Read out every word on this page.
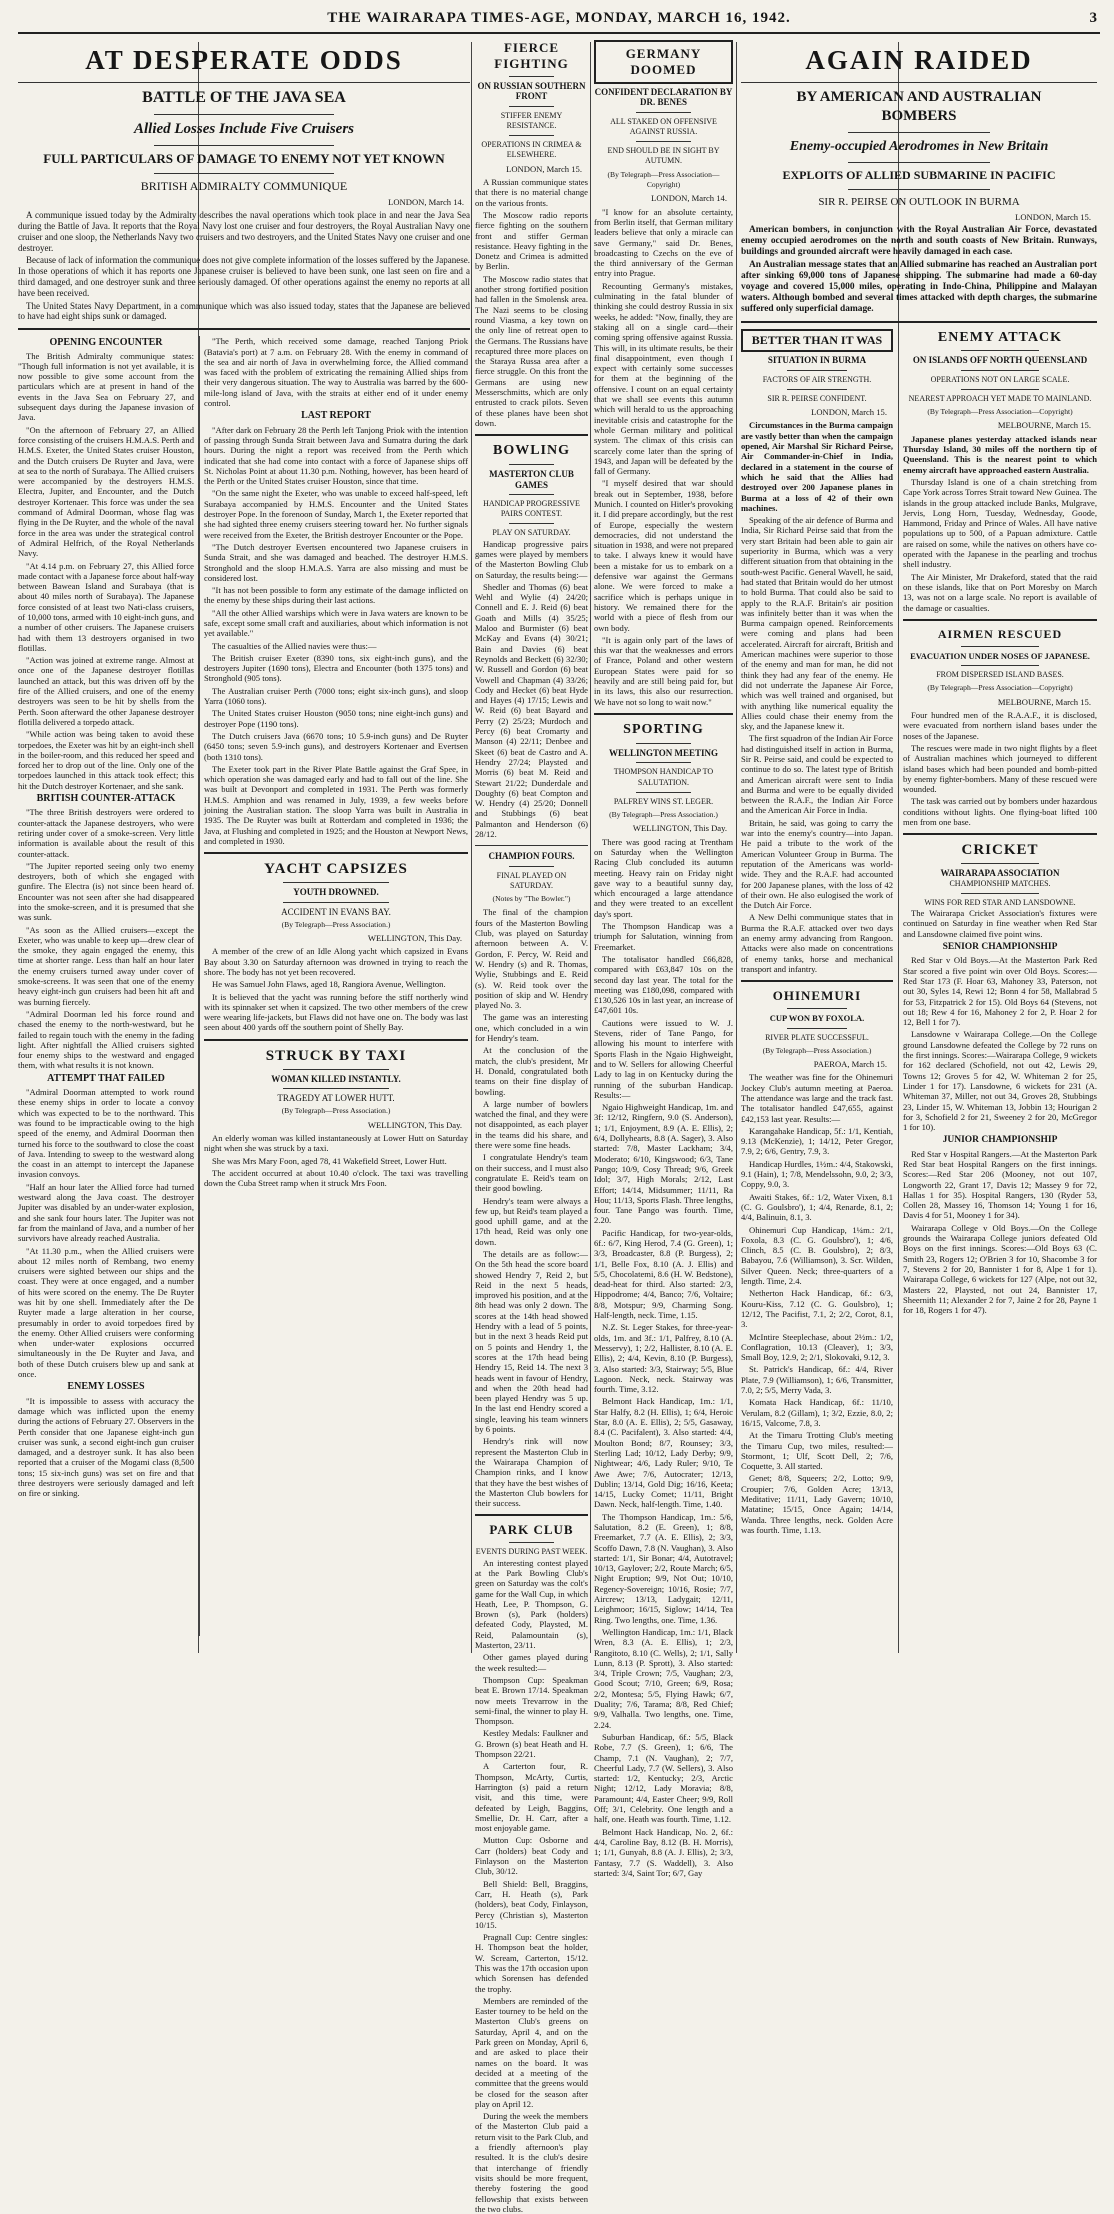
THE WAIRARAPA TIMES-AGE, MONDAY, MARCH 16, 1942.	3
AT DESPERATE ODDS
BATTLE OF THE JAVA SEA
Allied Losses Include Five Cruisers
FULL PARTICULARS OF DAMAGE TO ENEMY NOT YET KNOWN
BRITISH ADMIRALTY COMMUNIQUE
LONDON, March 14.

A communique issued today by the Admiralty describes the naval operations which took place in and near the Java Sea during the Battle of Java. It reports that the Royal Navy lost one cruiser and four destroyers, the Royal Australian Navy one cruiser and one sloop, the Netherlands Navy two cruisers and two destroyers, and the United States Navy one cruiser and one destroyer.

Because of lack of information the communique does not give complete information of the losses suffered by the Japanese. In those operations of which it has reports one Japanese cruiser is believed to have been sunk, one last seen on fire and a third damaged, and one destroyer sunk and three seriously damaged. Of other operations against the enemy no reports at all have been received.

The United States Navy Department, in a communique which was also issued today, states that the Japanese are believed to have had eight ships sunk or damaged.

OPENING ENCOUNTER

The British Admiralty communique states: "Though full information is not yet available, it is now possible to give some account from the particulars which are at present in hand of the events in the Java Sea on February 27, and subsequent days during the Japanese invasion of Java.

"On the afternoon of February 27, an Allied force consisting of the cruisers H.M.A.S. Perth and H.M.S. Exeter, the United States cruiser Houston, and the Dutch cruisers De Ruyter and Java, were at sea to the north of Surabaya. The Allied cruisers were accompanied by the destroyers H.M.S. Electra, Jupiter, and Encounter, and the Dutch destroyer Kortenaer. This force was under the sea command of Admiral Doorman, whose flag was flying in the De Ruyter, and the whole of the naval force in the area was under the strategical control of Admiral Helfrich, of the Royal Netherlands Navy.

"At 4.14 p.m. on February 27, this Allied force made contact with a Japanese force about half-way between Bawean Island and Surabaya (that is about 40 miles north of Surabaya). The Japanese force consisted of at least two Nati-class cruisers, of 10,000 tons, armed with 10 eight-inch guns, and a number of other cruisers. The Japanese cruisers had with them 13 destroyers organised in two flotillas.

"Action was joined at extreme range. Almost at once one of the Japanese destroyer flotillas launched an attack, but this was driven off by the fire of the Allied cruisers, and one of the enemy destroyers was seen to be hit by shells from the Perth. Soon afterward the other Japanese destroyer flotilla delivered a torpedo attack.

"While action was being taken to avoid these torpedoes, the Exeter was hit by an eight-inch shell in the boiler-room, and this reduced her speed and forced her to drop out of the line. Only one of the torpedoes launched in this attack took effect; this hit the Dutch destroyer Kortenaer, and she sank.

BRITISH COUNTER-ATTACK

"The three British destroyers were ordered to counter-attack the Japanese destroyers, who were retiring under cover of a smoke-screen. Very little information is available about the result of this counter-attack.

"The Jupiter reported seeing only two enemy destroyers, both of which she engaged with gunfire. The Electra (is) not since been heard of. Encounter was not seen after she had disappeared into the smoke-screen, and it is presumed that she was sunk.

"As soon as the Allied cruisers—except the Exeter, who was unable to keep up—drew clear of the smoke, they again engaged the enemy, this time at shorter range. Less than half an hour later the enemy cruisers turned away under cover of smoke-screens. It was seen that one of the enemy heavy eight-inch gun cruisers had been hit aft and was burning fiercely.

"Admiral Doorman led his force round and chased the enemy to the north-westward, but he failed to regain touch with the enemy in the fading light. After nightfall the Allied cruisers sighted four enemy ships to the westward and engaged them, with what results it is not known.

ATTEMPT THAT FAILED

"Admiral Doorman attempted to work round these enemy ships in order to locate a convoy which was expected to be to the northward. This was found to be impracticable owing to the high speed of the enemy, and Admiral Doorman then turned his force to the southward to close the coast of Java. Intending to sweep to the westward along the coast in an attempt to intercept the Japanese invasion convoys.

"Half an hour later the Allied force had turned westward along the Java coast. The destroyer Jupiter was disabled by an under-water explosion, and she sank four hours later. The Jupiter was not far from the mainland of Java, and a number of her survivors have already reached Australia.

"At 11.30 p.m., when the Allied cruisers were about 12 miles north of Rembang, two enemy cruisers were sighted between our ships and the coast. They were at once engaged, and a number of hits were scored on the enemy. The De Ruyter was hit by one shell. Immediately after the De Ruyter made a large alteration in her course, presumably in order to avoid torpedoes fired by the enemy. Other Allied cruisers were conforming when under-water explosions occurred simultaneously in the De Ruyter and Java, and both of these Dutch cruisers blew up and sank at once.

ENEMY LOSSES

"It is impossible to assess with accuracy the damage which was inflicted upon the enemy during the actions of February 27. Observers in the Perth consider that one Japanese eight-inch gun cruiser was sunk, a second eight-inch gun cruiser damaged, and a destroyer sunk. It has also been reported that a cruiser of the Mogami class (8,500 tons; 15 six-inch guns) was set on fire and that three destroyers were seriously damaged and left on fire or sinking.

"The Perth, which received some damage, reached Tanjong Priok (Batavia's port) at 7 a.m. on February 28. With the enemy in command of the sea and air north of Java in overwhelming force, the Allied command was faced with the problem of extricating the remaining Allied ships from their very dangerous situation. The way to Australia was barred by the 600-mile-long island of Java, with the straits at either end of it under enemy control.

LAST REPORT

"After dark on February 28 the Perth left Tanjong Priok with the intention of passing through Sunda Strait between Java and Sumatra during the dark hours. During the night a report was received from the Perth which indicated that she had come into contact with a force of Japanese ships off St. Nicholas Point at about 11.30 p.m. Nothing, however, has been heard of the Perth or the United States cruiser Houston, since that time.

"On the same night the Exeter, who was unable to exceed half-speed, left Surabaya accompanied by H.M.S. Encounter and the United States destroyer Pope. In the forenoon of Sunday, March 1, the Exeter reported that she had sighted three enemy cruisers steering toward her. No further signals were received from the Exeter, the British destroyer Encounter or the Pope.

"The Dutch destroyer Evertsen encountered two Japanese cruisers in Sunda Strait, and she was damaged and beached. The destroyer H.M.S. Stronghold and the sloop H.M.A.S. Yarra are also missing and must be considered lost.

"It has not been possible to form any estimate of the damage inflicted on the enemy by these ships during their last actions.

"All the other Allied warships which were in Java waters are known to be safe, except some small craft and auxiliaries, about which information is not yet available."

The casualties of the Allied navies were thus:—

The British cruiser Exeter (8390 tons, six eight-inch guns), and the destroyers Jupiter (1690 tons), Electra and Encounter (both 1375 tons) and Stronghold (905 tons).

The Australian cruiser Perth (7000 tons; eight six-inch guns), and sloop Yarra (1060 tons).

The United States cruiser Houston (9050 tons; nine eight-inch guns) and destroyer Pope (1190 tons).

The Dutch cruisers Java (6670 tons; 10 5.9-inch guns) and De Ruyter (6450 tons; seven 5.9-inch guns), and destroyers Kortenaer and Evertsen (both 1310 tons).

The Exeter took part in the River Plate Battle against the Graf Spee, in which operation she was damaged early and had to fall out of the line. She was built at Devonport and completed in 1931. The Perth was formerly H.M.S. Amphion and was renamed in July, 1939, a few weeks before joining the Australian station. The sloop Yarra was built in Australia in 1935. The De Ruyter was built at Rotterdam and completed in 1936; the Java, at Flushing and completed in 1925; and the Houston at Newport News, and completed in 1930.

YACHT CAPSIZES
YOUTH DROWNED.
ACCIDENT IN EVANS BAY.
(By Telegraph—Press Association.)
WELLINGTON, This Day.

A member of the crew of an Idle Along yacht which capsized in Evans Bay about 3.30 on Saturday afternoon was drowned in trying to reach the shore. The body has not yet been recovered.

He was Samuel John Flaws, aged 18, Rangiora Avenue, Wellington.

It is believed that the yacht was running before the stiff northerly wind with its spinnaker set when it capsized. The two other members of the crew were wearing life-jackets, but Flaws did not have one on. The body was last seen about 400 yards off the southern point of Shelly Bay.

STRUCK BY TAXI
WOMAN KILLED INSTANTLY.
TRAGEDY AT LOWER HUTT.
(By Telegraph—Press Association.)
WELLINGTON, This Day.

An elderly woman was killed instantaneously at Lower Hutt on Saturday night when she was struck by a taxi.

She was Mrs Mary Foon, aged 78, 41 Wakefield Street, Lower Hutt.

The accident occurred at about 10.40 o'clock. The taxi was travelling down the Cuba Street ramp when it struck Mrs Foon.

FIERCE FIGHTING
ON RUSSIAN SOUTHERN FRONT
STIFFER ENEMY RESISTANCE.
OPERATIONS IN CRIMEA & ELSEWHERE.
LONDON, March 15.

A Russian communique states that there is no material change on the various fronts.

The Moscow radio reports fierce fighting on the southern front and stiffer German resistance. Heavy fighting in the Donetz and Crimea is admitted by Berlin.

The Moscow radio states that another strong fortified position had fallen in the Smolensk area. The Nazi seems to be closing round Viasma, a key town on the only line of retreat open to the Germans. The Russians have recaptured three more places on the Staraya Russa area after a fierce struggle. On this front the Germans are using new Messerschmitts, which are only entrusted to crack pilots. Seven of these planes have been shot down.

BOWLING
MASTERTON CLUB GAMES
HANDICAP PROGRESSIVE PAIRS CONTEST.
PLAY ON SATURDAY.

Handicap progressive pairs games were played by members of the Masterton Bowling Club on Saturday, the results being:—

Shedler and Thomas (6) beat Wehl and Wylie (4) 24/20; Connell and E. J. Reid (6) beat Goath and Mills (4) 35/25; Maloo and Burmister (6) beat McKay and Evans (4) 30/21; Bain and Davies (6) beat Reynolds and Beckett (6) 32/30; W. Russell and Gordon (6) beat Vowell and Chapman (4) 33/26; Cody and Hecket (6) beat Hyde and Hayes (4) 17/15; Lewis and W. Reid (6) beat Bayard and Perry (2) 25/23; Murdoch and Percy (6) beat Cromarty and Manson (4) 22/11; Denbee and Skeet (6) beat de Castro and A. Hendry 27/24; Playsted and Morris (6) beat M. Reid and Stewart 21/22; Dunderdale and Doughty (6) beat Compton and W. Hendry (4) 25/20; Donnell and Stubbings (6) beat Palmanton and Henderson (6) 28/12.

CHAMPION FOURS.
FINAL PLAYED ON SATURDAY.
(Notes by "The Bowler.")

The final of the champion fours of the Masterton Bowling Club, was played on Saturday afternoon between A. V. Gordon, F. Percy, W. Reid and W. Hendry (s) and R. Thomas, Wylie, Stubbings and E. Reid (s). W. Reid took over the position of skip and W. Hendry played No. 3.

The game was an interesting one, which concluded in a win for Hendry's team.

At the conclusion of the match, the club's president, Mr H. Donald, congratulated both teams on their fine display of bowling.

A large number of bowlers watched the final, and they were not disappointed, as each player in the teams did his share, and there were some fine heads.

I congratulate Hendry's team on their success, and I must also congratulate E. Reid's team on their good bowling.

Hendry's team were always a few up, but Reid's team played a good uphill game, and at the 17th head, Reid was only one down.

The details are as follow:—On the 5th head the score board showed Hendry 7, Reid 2, but Reid in the next 5 heads, improved his position, and at the 8th head was only 2 down. The scores at the 14th head showed Hendry with a lead of 5 points, but in the next 3 heads Reid put on 5 points and Hendry 1, the scores at the 17th head being Hendry 15, Reid 14. The next 3 heads went in favour of Hendry, and when the 20th head had been played Hendry was 5 up. In the last end Hendry scored a single, leaving his team winners by 6 points.

Hendry's rink will now represent the Masterton Club in the Wairarapa Champion of Champion rinks, and I know that they have the best wishes of the Masterton Club bowlers for their success.

PARK CLUB
EVENTS DURING PAST WEEK.

An interesting contest played at the Park Bowling Club's green on Saturday was the colt's game for the Wall Cup, in which Heath, Lee, P. Thompson, G. Brown (s), Park (holders) defeated Cody, Playsted, M. Reid, Palamountain (s), Masterton, 23/11.

Other games played during the week resulted:—

Thompson Cup: Speakman beat E. Brown 17/14. Speakman now meets Trevarrow in the semi-final, the winner to play H. Thompson.

Kestley Medals: Faulkner and G. Brown (s) beat Heath and H. Thompson 22/21.

A Carterton four, R. Thompson, McArty, Curtis, Harrington (s) paid a return visit, and this time, were defeated by Leigh, Baggins, Smellie, Dr. H. Carr, after a most enjoyable game.

Mutton Cup: Osborne and Carr (holders) beat Cody and Finlayson on the Masterton Club, 30/12.

Bell Shield: Bell, Braggins, Carr, H. Heath (s), Park (holders), beat Cody, Finlayson, Percy (Christian s), Masterton 10/15.

Pragnall Cup: Centre singles: H. Thompson beat the holder, W. Scream, Carterton, 15/12. This was the 17th occasion upon which Sorensen has defended the trophy.

Members are reminded of the Easter tourney to be held on the Masterton Club's greens on Saturday, April 4, and on the Park green on Monday, April 6, and are asked to place their names on the board. It was decided at a meeting of the committee that the greens would be closed for the season after play on April 12.

During the week the members of the Masterton Club paid a return visit to the Park Club, and a friendly afternoon's play resulted. It is the club's desire that interchange of friendly visits should be more frequent, thereby fostering the good fellowship that exists between the two clubs.

GERMANY DOOMED
CONFIDENT DECLARATION BY DR. BENES
ALL STAKED ON OFFENSIVE AGAINST RUSSIA.
END SHOULD BE IN SIGHT BY AUTUMN.
(By Telegraph—Press Association—Copyright)
LONDON, March 14.

"I know for an absolute certainty, from Berlin itself, that German military leaders believe that only a miracle can save Germany," said Dr. Benes, broadcasting to Czechs on the eve of the third anniversary of the German entry into Prague.

Recounting Germany's mistakes, culminating in the fatal blunder of thinking she could destroy Russia in six weeks, he added: "Now, finally, they are staking all on a single card—their coming spring offensive against Russia. This will, in its ultimate results, be their final disappointment, even though I expect with certainly some successes for them at the beginning of the offensive. I count on an equal certainty that we shall see events this autumn which will herald to us the approaching inevitable crisis and catastrophe for the whole German military and political system. The climax of this crisis can scarcely come later than the spring of 1943, and Japan will be defeated by the fall of Germany.

"I myself desired that war should break out in September, 1938, before Munich. I counted on Hitler's provoking it. I did prepare accordingly, but the rest of Europe, especially the western democracies, did not understand the situation in 1938, and were not prepared to take. I always knew it would have been a mistake for us to embark on a defensive war against the Germans alone. We were forced to make a sacrifice which is perhaps unique in history. We remained there for the world with a piece of flesh from our own body.

"It is again only part of the laws of this war that the weaknesses and errors of France, Poland and other western European States were paid for so heavily and are still being paid for, but in its laws, this also our resurrection. We have not so long to wait now."

SPORTING
WELLINGTON MEETING
THOMPSON HANDICAP TO SALUTATION.
PALFREY WINS ST. LEGER.
(By Telegraph—Press Association.)
WELLINGTON, This Day.

There was good racing at Trentham on Saturday when the Wellington Racing Club concluded its autumn meeting. Heavy rain on Friday night gave way to a beautiful sunny day, which encouraged a large attendance and they were treated to an excellent day's sport.

The Thompson Handicap was a triumph for Salutation, winning from Freemarket.

The totalisator handled £66,828, compared with £63,847 10s on the second day last year. The total for the meeting was £180,098, compared with £130,526 10s in last year, an increase of £47,601 10s.

Cautions were issued to W. J. Stevens, rider of Tane Pango, for allowing his mount to interfere with Sports Flash in the Ngaio Highweight, and to W. Sellers for allowing Cheerful Lady to lag in on Kentucky during the running of the suburban Handicap. Results:—

Ngaio Highweight Handicap, 1m. and 3f: 12/12, Ringfern, 9.0 (S. Anderson), 1; 1/1, Enjoyment, 8.9 (A. E. Ellis), 2; 6/4, Dollyhearts, 8.8 (A. Sager), 3. Also started: 7/8, Master Lackham; 3/4, Moderato; 6/10, Kingswood; 6/3, Tane Pango; 10/9, Cosy Thread; 9/6, Greek Idol; 3/7, High Morals; 2/12, Last Effort; 14/14, Midsummer; 11/11, Ra Hou; 11/13, Sports Flash. Three lengths, four. Tane Pango was fourth. Time, 2.20.

Pacific Handicap, for two-year-olds, 6f.: 6/7, King Herod, 7.4 (G. Green), 1; 3/3, Broadcaster, 8.8 (P. Burgess), 2; 1/1, Belle Fox, 8.10 (A. J. Ellis) and 5/5, Chocolatemi, 8.6 (H. W. Bedstone), dead-heat for third. Also started: 2/3, Hippodrome; 4/4, Banco; 7/6, Voltaire; 8/8, Motspur; 9/9, Charming Song. Half-length, neck. Time, 1.15.

N.Z. St. Leger Stakes, for three-year-olds, 1m. and 3f.: 1/1, Palfrey, 8.10 (A. Messervy), 1; 2/2, Hallister, 8.10 (A. E. Ellis), 2; 4/4, Kevin, 8.10 (P. Burgess), 3. Also started: 3/3, Stairway; 5/5, Blue Lagoon. Neck, neck. Stairway was fourth. Time, 3.12.

Belmont Hack Handicap, 1m.: 1/1, Star Halfy, 8.2 (H. Ellis), 1; 6/4, Heroic Star, 8.0 (A. E. Ellis), 2; 5/5, Gasaway, 8.4 (C. Pacifalent), 3. Also started: 4/4, Moulton Bond; 8/7, Rounsey; 3/3, Sterling Lad; 10/12, Lady Derby; 9/9, Nightwear; 4/6, Lady Ruler; 9/10, Te Awe Awe; 7/6, Autocrater; 12/13, Dublin; 13/14, Gold Dig; 16/16, Keeta; 14/15, Lucky Comet; 11/11, Bright Dawn. Neck, half-length. Time, 1.40.

The Thompson Handicap, 1m.: 5/6, Salutation, 8.2 (E. Green), 1; 8/8, Freemarket, 7.7 (A. E. Ellis), 2; 3/3, Scoffo Dawn, 7.8 (N. Vaughan), 3. Also started: 1/1, Sir Bonar; 4/4, Autotravel; 10/13, Gaylover; 2/2, Route March; 6/5, Night Eruption; 9/9, Not Out; 10/10, Regency-Sovereign; 10/16, Rosie; 7/7, Aircrew; 13/13, Ladygait; 12/11, Leighmoor; 16/15, Siglow; 14/14, Tea Ring. Two lengths, one. Time, 1.36.

Wellington Handicap, 1m.: 1/1, Black Wren, 8.3 (A. E. Ellis), 1; 2/3, Rangitoto, 8.10 (C. Wells), 2; 1/1, Sally Lunn, 8.13 (P. Sprott), 3. Also started: 3/4, Triple Crown; 7/5, Vaughan; 2/3, Good Scout; 7/10, Green; 6/9, Rosa; 2/2, Montesa; 5/5, Flying Hawk; 6/7, Duality; 7/6, Tarama; 8/8, Red Chief; 9/9, Valhalla. Two lengths, one. Time, 2.24.

Suburban Handicap, 6f.: 5/5, Black Robe, 7.7 (S. Green), 1; 6/6, The Champ, 7.1 (N. Vaughan), 2; 7/7, Cheerful Lady, 7.7 (W. Sellers), 3. Also started: 1/2, Kentucky; 2/3, Arctic Night; 12/12, Lady Moravia; 8/8, Paramount; 4/4, Easter Cheer; 9/9, Roll Off; 3/1, Celebrity. One length and a half, one. Heath was fourth. Time, 1.12.

Belmont Hack Handicap, No. 2, 6f.: 4/4, Caroline Bay, 8.12 (B. H. Morris), 1; 1/1, Gunyah, 8.8 (A. J. Ellis), 2; 3/3, Fantasy, 7.7 (S. Waddell), 3. Also started: 3/4, Saint Tor; 6/7, Gay

AGAIN RAIDED
BY AMERICAN AND AUSTRALIAN BOMBERS
Enemy-occupied Aerodromes in New Britain
EXPLOITS OF ALLIED SUBMARINE IN PACIFIC
SIR R. PEIRSE ON OUTLOOK IN BURMA
LONDON, March 15.

American bombers, in conjunction with the Royal Australian Air Force, devastated enemy occupied aerodromes on the north and south coasts of New Britain. Runways, buildings and grounded aircraft were heavily damaged in each case.

An Australian message states that an Allied submarine has reached an Australian port after sinking 69,000 tons of Japanese shipping. The submarine had made a 60-day voyage and covered 15,000 miles, operating in Indo-China, Philippine and Malayan waters. Although bombed and several times attacked with depth charges, the submarine suffered only superficial damage.

BETTER THAN IT WAS
SITUATION IN BURMA
FACTORS OF AIR STRENGTH.
SIR R. PEIRSE CONFIDENT.
LONDON, March 15.

Circumstances in the Burma campaign are vastly better than when the campaign opened, Air Marshal Sir Richard Peirse, Air Commander-in-Chief in India, declared in a statement in the course of which he said that the Allies had destroyed over 200 Japanese planes in Burma at a loss of 42 of their own machines.

Speaking of the air defence of Burma and India, Sir Richard Peirse said that from the very start Britain had been able to gain air superiority in Burma, which was a very different situation from that obtaining in the south-west Pacific. General Wavell, he said, had stated that Britain would do her utmost to hold Burma. That could also be said to apply to the R.A.F. Britain's air position was infinitely better than it was when the Burma campaign opened. Reinforcements were coming and plans had been accelerated. Aircraft for aircraft, British and American machines were superior to those of the enemy and man for man, he did not think they had any fear of the enemy. He did not underrate the Japanese Air Force, which was well trained and organised, but with anything like numerical equality the Allies could chase their enemy from the sky, and the Japanese knew it.

The first squadron of the Indian Air Force had distinguished itself in action in Burma, Sir R. Peirse said, and could be expected to continue to do so. The latest type of British and American aircraft were sent to India and Burma and were to be equally divided between the R.A.F., the Indian Air Force and the American Air Force in India.

Britain, he said, was going to carry the war into the enemy's country—into Japan. He paid a tribute to the work of the American Volunteer Group in Burma. The reputation of the Americans was world-wide. They and the R.A.F. had accounted for 200 Japanese planes, with the loss of 42 of their own. He also eulogised the work of the Dutch Air Force.

A New Delhi communique states that in Burma the R.A.F. attacked over two days an enemy army advancing from Rangoon. Attacks were also made on concentrations of enemy tanks, horse and mechanical transport and infantry.

OHINEMURI
CUP WON BY FOXOLA.
RIVER PLATE SUCCESSFUL.
(By Telegraph—Press Association.)
PAEROA, March 15.

The weather was fine for the Ohinemuri Jockey Club's autumn meeting at Paeroa. The attendance was large and the track fast. The totalisator handled £47,655, against £42,153 last year. Results:—

Karangahake Handicap, 5f.: 1/1, Kentiah, 9.13 (McKenzie), 1; 14/12, Peter Gregor, 7.9, 2; 6/6, Gentry, 7.9, 3.

Handicap Hurdles, 1½m.: 4/4, Stakowski, 9.1 (Hain), 1; 7/8, Mendelssohn, 9.0, 2; 3/3, Coppy, 9.0, 3.

Awaiti Stakes, 6f.: 1/2, Water Vixen, 8.1 (C. G. Goulsbro'), 1; 4/4, Renarde, 8.1, 2; 4/4, Balinuin, 8.1, 3.

Ohinemuri Cup Handicap, 1¼m.: 2/1, Foxola, 8.3 (C. G. Goulsbro'), 1; 4/6, Clinch, 8.5 (C. B. Goulsbro), 2; 8/3, Babayou, 7.6 (Williamson), 3. Scr. Wilden, Silver Queen. Neck; three-quarters of a length. Time, 2.4.

Netherton Hack Handicap, 6f.: 6/3, Kouru-Kiss, 7.12 (C. G. Goulsbro), 1; 12/12, The Pacifist, 7.1, 2; 2/2, Corot, 8.1, 3.

McIntire Steeplechase, about 2½m.: 1/2, Conflagration, 10.13 (Cleaver), 1; 3/3, Small Boy, 12.9, 2; 2/1, Slokovaki, 9.12, 3.

St. Patrick's Handicap, 6f.: 4/4, River Plate, 7.9 (Williamson), 1; 6/6, Transmitter, 7.0, 2; 5/5, Merry Vada, 3.

Komata Hack Handicap, 6f.: 11/10, Verulam, 8.2 (Gillam), 1; 3/2, Ezzie, 8.0, 2; 16/15, Valcome, 7.8, 3.

At the Timaru Trotting Club's meeting the Timaru Cup, two miles, resulted:—Stormont, 1; Ulf, Scott Dell, 2; 7/6, Coquette, 3. All started.

Genet; 8/8, Squeers; 2/2, Lotto; 9/9, Croupier; 7/6, Golden Acre; 13/13, Meditative; 11/11, Lady Gavern; 10/10, Matatine; 15/15, Once Again; 14/14, Wanda. Three lengths, neck. Golden Acre was fourth. Time, 1.13.

ENEMY ATTACK
ON ISLANDS OFF NORTH QUEENSLAND
OPERATIONS NOT ON LARGE SCALE.
NEAREST APPROACH YET MADE TO MAINLAND.
(By Telegraph—Press Association—Copyright)
MELBOURNE, March 15.

Japanese planes yesterday attacked islands near Thursday Island, 30 miles off the northern tip of Queensland. This is the nearest point to which enemy aircraft have approached eastern Australia.

Thursday Island is one of a chain stretching from Cape York across Torres Strait toward New Guinea. The islands in the group attacked include Banks, Mulgrave, Jervis, Long Horn, Tuesday, Wednesday, Goode, Hammond, Friday and Prince of Wales. All have native populations up to 500, of a Papuan admixture. Cattle are raised on some, while the natives on others have co-operated with the Japanese in the pearling and trochus shell industry.

The Air Minister, Mr Drakeford, stated that the raid on these islands, like that on Port Moresby on March 13, was not on a large scale. No report is available of the damage or casualties.

AIRMEN RESCUED
EVACUATION UNDER NOSES OF JAPANESE.
FROM DISPERSED ISLAND BASES.
(By Telegraph—Press Association—Copyright)
MELBOURNE, March 15.

Four hundred men of the R.A.A.F., it is disclosed, were evacuated from northern island bases under the noses of the Japanese.

The rescues were made in two night flights by a fleet of Australian machines which journeyed to different island bases which had been pounded and bomb-pitted by enemy fighter-bombers. Many of these rescued were wounded.

The task was carried out by bombers under hazardous conditions without lights. One flying-boat lifted 100 men from one base.

CRICKET
WAIRARAPA ASSOCIATION
CHAMPIONSHIP MATCHES.
WINS FOR RED STAR AND LANSDOWNE.

The Wairarapa Cricket Association's fixtures were continued on Saturday in fine weather when Red Star and Lansdowne claimed five point wins.

SENIOR CHAMPIONSHIP

Red Star v Old Boys.—At the Masterton Park Red Star scored a five point win over Old Boys. Scores:—Red Star 173 (F. Hoar 63, Mahoney 33, Paterson, not out 30, Syles 14, Rewi 12; Bonn 4 for 58, Mallabrad 5 for 53, Fitzpatrick 2 for 15). Old Boys 64 (Stevens, not out 18; Rew 4 for 16, Mahoney 2 for 2, P. Hoar 2 for 12, Bell 1 for 7).

Lansdowne v Wairarapa College.—On the College ground Lansdowne defeated the College by 72 runs on the first innings. Scores:—Wairarapa College, 9 wickets for 162 declared (Schofield, not out 42, Lewis 29, Towns 12; Groves 5 for 42, W. Whiteman 2 for 25, Linder 1 for 17). Lansdowne, 6 wickets for 231 (A. Whiteman 37, Miller, not out 34, Groves 28, Stubbings 23, Linder 15, W. Whiteman 13, Jobbin 13; Hourigan 2 for 3, Schofield 2 for 21, Sweeney 2 for 20, McGregor 1 for 10).

JUNIOR CHAMPIONSHIP

Red Star v Hospital Rangers.—At the Masterton Park Red Star beat Hospital Rangers on the first innings. Scores:—Red Star 206 (Mooney, not out 107, Longworth 22, Grant 17, Davis 12; Massey 9 for 72, Hallas 1 for 35). Hospital Rangers, 130 (Ryder 53, Collen 28, Massey 16, Thomson 14; Young 1 for 16, Davis 4 for 51, Mooney 1 for 34).

Wairarapa College v Old Boys.—On the College grounds the Wairarapa College juniors defeated Old Boys on the first innings. Scores:—Old Boys 63 (C. Smith 23, Rogers 12; O'Brien 3 for 10, Shacombe 3 for 7, Stevens 2 for 20, Bannister 1 for 8, Alpe 1 for 1). Wairarapa College, 6 wickets for 127 (Alpe, not out 32, Masters 22, Playsted, not out 24, Bannister 17, Sheernith 11; Alexander 2 for 7, Jaine 2 for 28, Payne 1 for 18, Rogers 1 for 47).
